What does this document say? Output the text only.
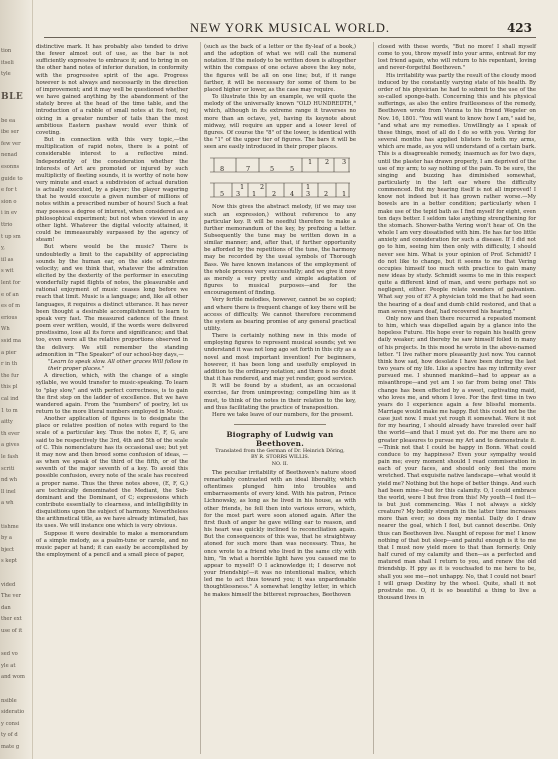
tion
itseli
tyle
BLE
be ea
ibe ser
few ver
nenad
esonns
guide to
e for t
sion o
i in ev
ttrio
t up sm
y,
iil as
s wit
lent for
e of an
es of m
erious
Wh
ssid ma
a pier
r in th
the fur
this pl
cal ind
1 to m
aitty
th ever
a gives
le fash
scriti
nd wh
ll inel
a wh
tishme
by a
bject
s kept
vided
The ver
dan
ther ext
use of it
sed vo
yle at
and wom
nsible
sideratio
y consi
ty of d
mate g
NEW YORK MUSICAL WORLD.	423

distinctive mark. It has probably also tended to drive the fewer almost out of use, as the bar is not sufficiently expressive to embrace it; and to bring in on the other hand notes of inferior duration, in conformity with the progressive spirit of the age. Progress however is not always and necessarily in the direction of improvement; and it may well be questioned whether we have gained anything by the abandonment of the stately breve at the head of the time table, and the introduction of a rabble of small notes at its foot, rej oicing in a greater number of tails than the most ambitious Eastern pashaw would ever think of coveting.

But in connection with this very topic,—the multiplication of rapid notes, there is a point of considerable interest to a reflective mind. Independently of the consideration whether the interests of Art are promoted or injured by such multiplicity of fleeting sounds, it is worthy of note how very minute and exact a subdivision of actual duration is actually executed, by a player; the player wagering that he would execute a given number of millions of notes within a prescribed number of hours! Such a feat may possess a degree of interest, when considered as a philosophical experiment; but not when viewed in any other light. Whatever the digital velocity attained, it could be immeasurably surpassed by the agency of steam!

But where would be the music? There is undoubtedly a limit to the capability of appreciating sounds by the human ear, on the side of extreme velocity; and we think that, whatever the admiration elicited by the dexterity of the performer in executing wonderfully rapid flights of notes, the pleasurable and rational enjoyment of music ceases long before we reach that limit. Music is a language; and, like all other languages, it requires a distinct utterance. It has never been thought a desirable accomplishment to learn to speak very fast. The measured cadence of the finest poem ever written, would, if the words were delivered prestissimo, lose all its force and significance; and that too, even were all the relative proportions observed in the delivery. We still remember the standing admonition in "The Speaker" of our school-boy days,—

"Learn to speak slow. All other graces Will follow in their proper places."

A direction, which, with the change of a single syllable, we would transfer to music-speaking. To learn to "play slow," and with perfect correctness, is to gain the first step on the ladder of excellence. But we have wandered again. From the "numbers" of poetry, let us return to the more literal numbers employed in Music.

Another application of figures is to designate the place or relative position of notes with regard to the scale of a particular key. Thus the notes E, F, G, are said to be respectively the 3rd, 4th and 5th of the scale of C. This nomenclature has its occasional use; but yet it may now and then breed some confusion of ideas, —as when we speak of the third of the fifth, or of the seventh of the major seventh of a key. To avoid this possible confusion, every note of the scale has received a proper name. Thus the three notes above, (E, F, G,) are technically denominated the Mediant, the Sub-dominant and the Dominant, of C; expressions which contribute essentially to clearness, and intelligibility in disquisitions upon the subject of harmony. Nevertheless the arithmetical title, as we have already intimated, has its uses. We will instance one which is very obvious.

Suppose it were desirable to make a memorandum of a simple melody, as a psalm-tune or carole, and no music paper at hand; it can easily be accomplished by the employment of a pencil and a small piece of paper,

(such as the back of a letter or the fly-leaf of a book,) and the adoption of what we will call the numeral notation. If the melody to be written down is altogether within the compass of one octave above the key note, the figures will be all on one line; but, if it range farther, it will be necessary for some of them to be placed higher or lower, as the case may require.

To illustrate this by an example, we will quote the melody of the universally known "OLD HUNDREDTH," which, although in its extreme range it traverses no more than an octave, yet, having its keynote about midway, will require an upper and a lower level of figures. Of course the "8" of the lower, is identical with the "1" of the upper tier of figures. The bars it will be seen are easily introduced in their proper places.

1 2 3
8	7	5 5
1 2	1
5 3 1 2 4 3 2 1

Now this gives the abstract melody, (if we may use such an expression,) without reference to any particular key. It will be needful therefore to make a further memorandum of the key, by prefixing a letter. Subsequently the tune may be written down in a similar manner; and, after that, if further opportunity be afforded by the repetitions of the tune, the harmony may be recorded by the usual symbols of Thorough Bass. We have known instances of the employment of the whole process very successfully; and we give it now as merely a very pretty and simple adaptation of figures to musical purposes—and for the encouragement of finding.

Very fertile melodies, however, cannot be so copied; and where there is frequent change of key there will be access of difficulty. We cannot therefore recommend the system as bearing promise of any general practical utility.

There is certainly nothing new in this mode of employing figures to represent musical sounds; yet we understand it was not long ago set forth in this city as a novel and most important invention! For beginners, however, it has been long and usefully employed in addition to the ordinary notation; and there is no doubt that it has rendered, and may yet render, good service.

It will be found by a student, as an occasional exercise, far from unimproving; compelling him as it must, to think of the notes in their relation to the key, and thus facilitating the practice of transposition.

Here we take leave of our numbers, for the present.

Biography of Ludwig van Beethoven.
Translated from the German of Dr. Heinrich Döring,
BY R. STORRS WILLIS.
NO. II.

The peculiar irritability of Beethoven's nature stood remarkably contrasted with an ideal liberality, which oftentimes plunged him into troubles and embarrassments of every kind. With his patron, Prince Lichnowsky, as long as he lived in his house, as with other friends, he fell then into various errors, which, for the most part were soon atoned again. After the first flush of anger he gave willing ear to reason, and his heart was quickly inclined to reconciliation again. But the consequences of this was, that he straightway atoned for such more than was necessary. Thus, he once wrote to a friend who lived in the same city with him, "In what a horrible light have you caused me to appear to myself! O I acknowledge it; I deserve not your friendship!—it was no intentional malice, which led me to act thus toward you; it was unpardonable thoughtlessness." A somewhat lengthy letter, in which he makes himself the bitterest reproaches, Beethoven

closed with these words, "But no more! I shall myself come to you, throw myself into your arms, entreat for my lost friend again, who will return to his repentant, loving and never-forgetful Beethoven."

His irritability was partly the result of the cloudy mood induced by the constantly varying state of his health. By order of his physician he had to submit to the use of the so-called sponge-bath. Concerning this and his physical sufferings, as also the entire fruitlessness of the remedy, Beethoven wrote from Vienna to his friend Wegeler on Nov. 16, 1801. "You will want to know how I am," said he, "and what are my remedies. Unwillingly as I speak of these things, most of all do I do so with you. Vering for several months has applied blisters to both my arms, which are made, as you will understand of a certain bark. This is a disagreeable remedy, inasmuch as for two days, until the plaster has drawn properly, I am deprived of the use of my arm; to say nothing of the pain. To be sure, the singing and buzzing has diminished somewhat, particularly in the left ear where the difficulty commenced. But my hearing itself is not all improved! I know not indeed but it has grown rather worse.—My bowels are in a better condition; particularly when I make use of the tepid bath as I find myself for eight, even ten days better. I seldom take anything strengthening for the stomach. Shower-baths Vering won't hear of. On the whole I am very dissatisfied with him. He has far too little anxiety and consideration for such a disease. If I did not go to him, seeing him then only with difficulty, I should never see him. What is your opinion of Prof. Schmidt? I do not like to change, but it seems to me that Vering occupies himself too much with practice to gain many new ideas by study. Schmidt seems to me in this respect quite a different kind of man, and were perhaps not so negligent, either. People relate wonders of galvanism. What say you of it? A physician told me that he had seen the hearing of a deaf and dumb child restored, and that a man seven years deaf, had recovered his hearing."

Only now and then there recurred a repeated moment to him, which was dispelled again by a glance into the hopeless Future. His hope ever to regain his health grew daily weaker; and thereby he saw himself foiled in many of his projects. In this mood he wrote in the above-named letter. "I live rather more pleasantly just now. You cannot think how sad, how desolate I have been during the last two years of my life. Like a spectre has my infirmity ever pursued me. I shunned mankind—had to appear as a misanthrope—and yet am I so far from being one! This change has been effected by a sweet, captivating maid, who loves me, and whom I love. For the first time in two years do I experience again a few blissful moments. Marriage would make me happy. But this could not be the case just now. I must yet rough it somewhat. Were it not for my hearing, I should already have traveled over half the world—and that I must yet do. For me there are no greater pleasures to pursue my Art and to demonstrate it.—Think not that I could be happy in Bonn. What could conduce to my happiness? Even your sympathy would pain me; every moment should I read commiseration in each of your faces, and should only feel the more wretched. That exquisite native landscape—what would it yield me? Nothing but the hope of better things. And such had been mine—but for this calamity. O, I could embrace the world, were I but free from this! My youth—I feel it—is but just commencing. Was I not always a sickly creature? My bodily strength in the latter time increases more than ever; so does my mental. Daily do I draw nearer the goal, which I feel, but cannot describe. Only thus can Beethoven live. Naught of repose for me! I know nothing of that but sleep—and painful enough is it to me that I must now yield more to that than formerly. Only half cured of my calamity and then—as a perfected and matured man shall I return to you, and renew the old friendship. H ppy as it is vouchsafed to me here to be, shall you see me—not unhappy. No, that I could not bear! I will grasp Destiny by the wheel. Quite, shall it not prostrate me. O, it is so beautiful a thing to live a thousand lives in
